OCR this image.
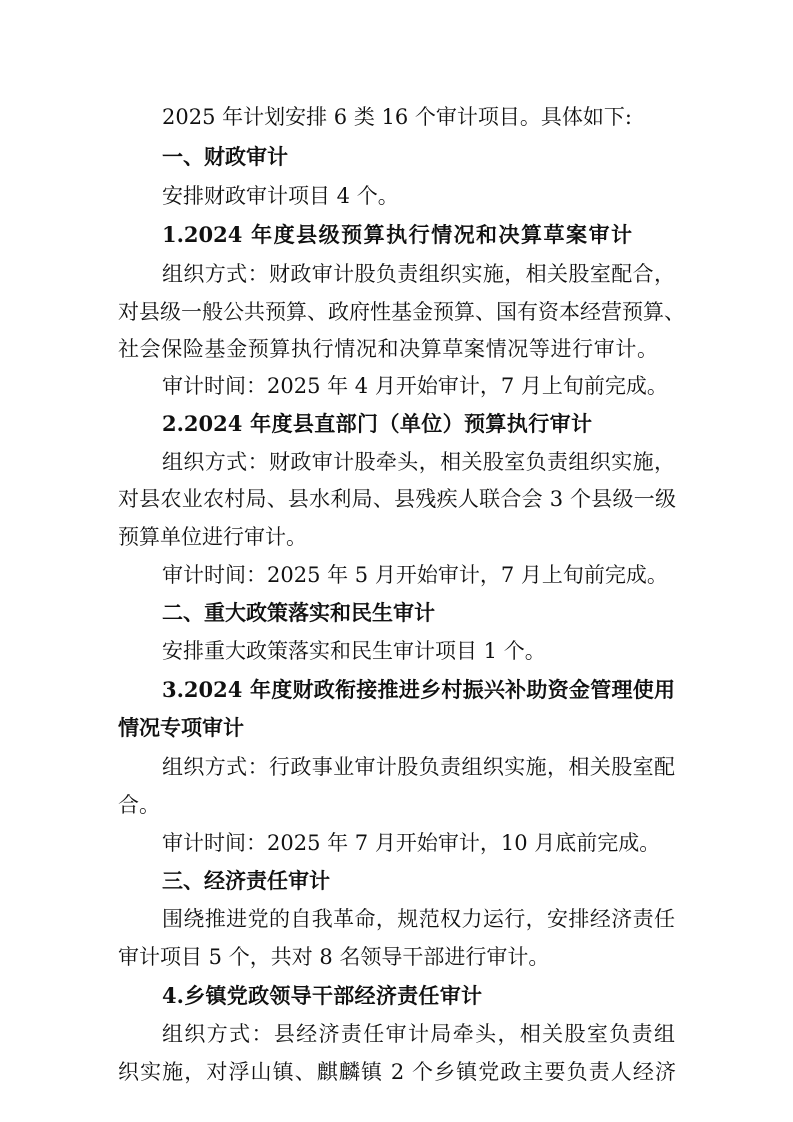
2025 年计划安排 6 类 16 个审计项目。具体如下:
一、财政审计
安排财政审计项目 4 个。
1.2024 年度县级预算执行情况和决算草案审计
组织方式：财政审计股负责组织实施，相关股室配合，
对县级一般公共预算、政府性基金预算、国有资本经营预算、
社会保险基金预算执行情况和决算草案情况等进行审计。
审计时间：2025 年 4 月开始审计，7 月上旬前完成。
2.2024 年度县直部门（单位）预算执行审计
组织方式：财政审计股牵头，相关股室负责组织实施，
对县农业农村局、县水利局、县残疾人联合会 3 个县级一级
预算单位进行审计。
审计时间：2025 年 5 月开始审计，7 月上旬前完成。
二、重大政策落实和民生审计
安排重大政策落实和民生审计项目 1 个。
3.2024 年度财政衔接推进乡村振兴补助资金管理使用
情况专项审计
组织方式：行政事业审计股负责组织实施，相关股室配
合。
审计时间：2025 年 7 月开始审计，10 月底前完成。
三、经济责任审计
围绕推进党的自我革命，规范权力运行，安排经济责任
审计项目 5 个，共对 8 名领导干部进行审计。
4.乡镇党政领导干部经济责任审计
组织方式：县经济责任审计局牵头，相关股室负责组
织实施，对浮山镇、麒麟镇 2 个乡镇党政主要负责人经济
